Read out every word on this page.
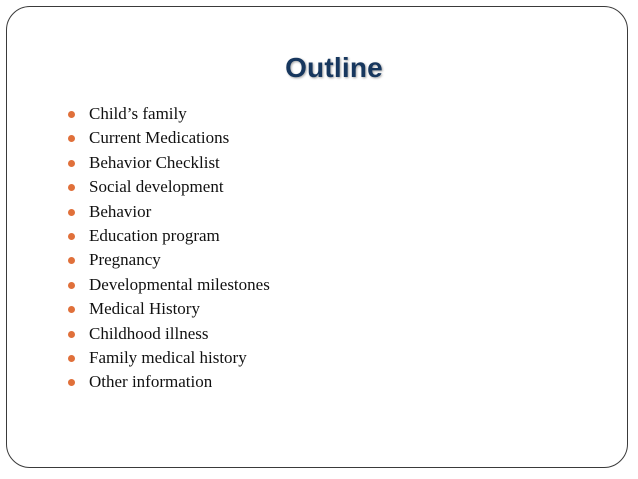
Outline
Child’s family
Current Medications
Behavior Checklist
Social development
Behavior
Education program
Pregnancy
Developmental milestones
Medical History
Childhood illness
Family medical history
Other information
